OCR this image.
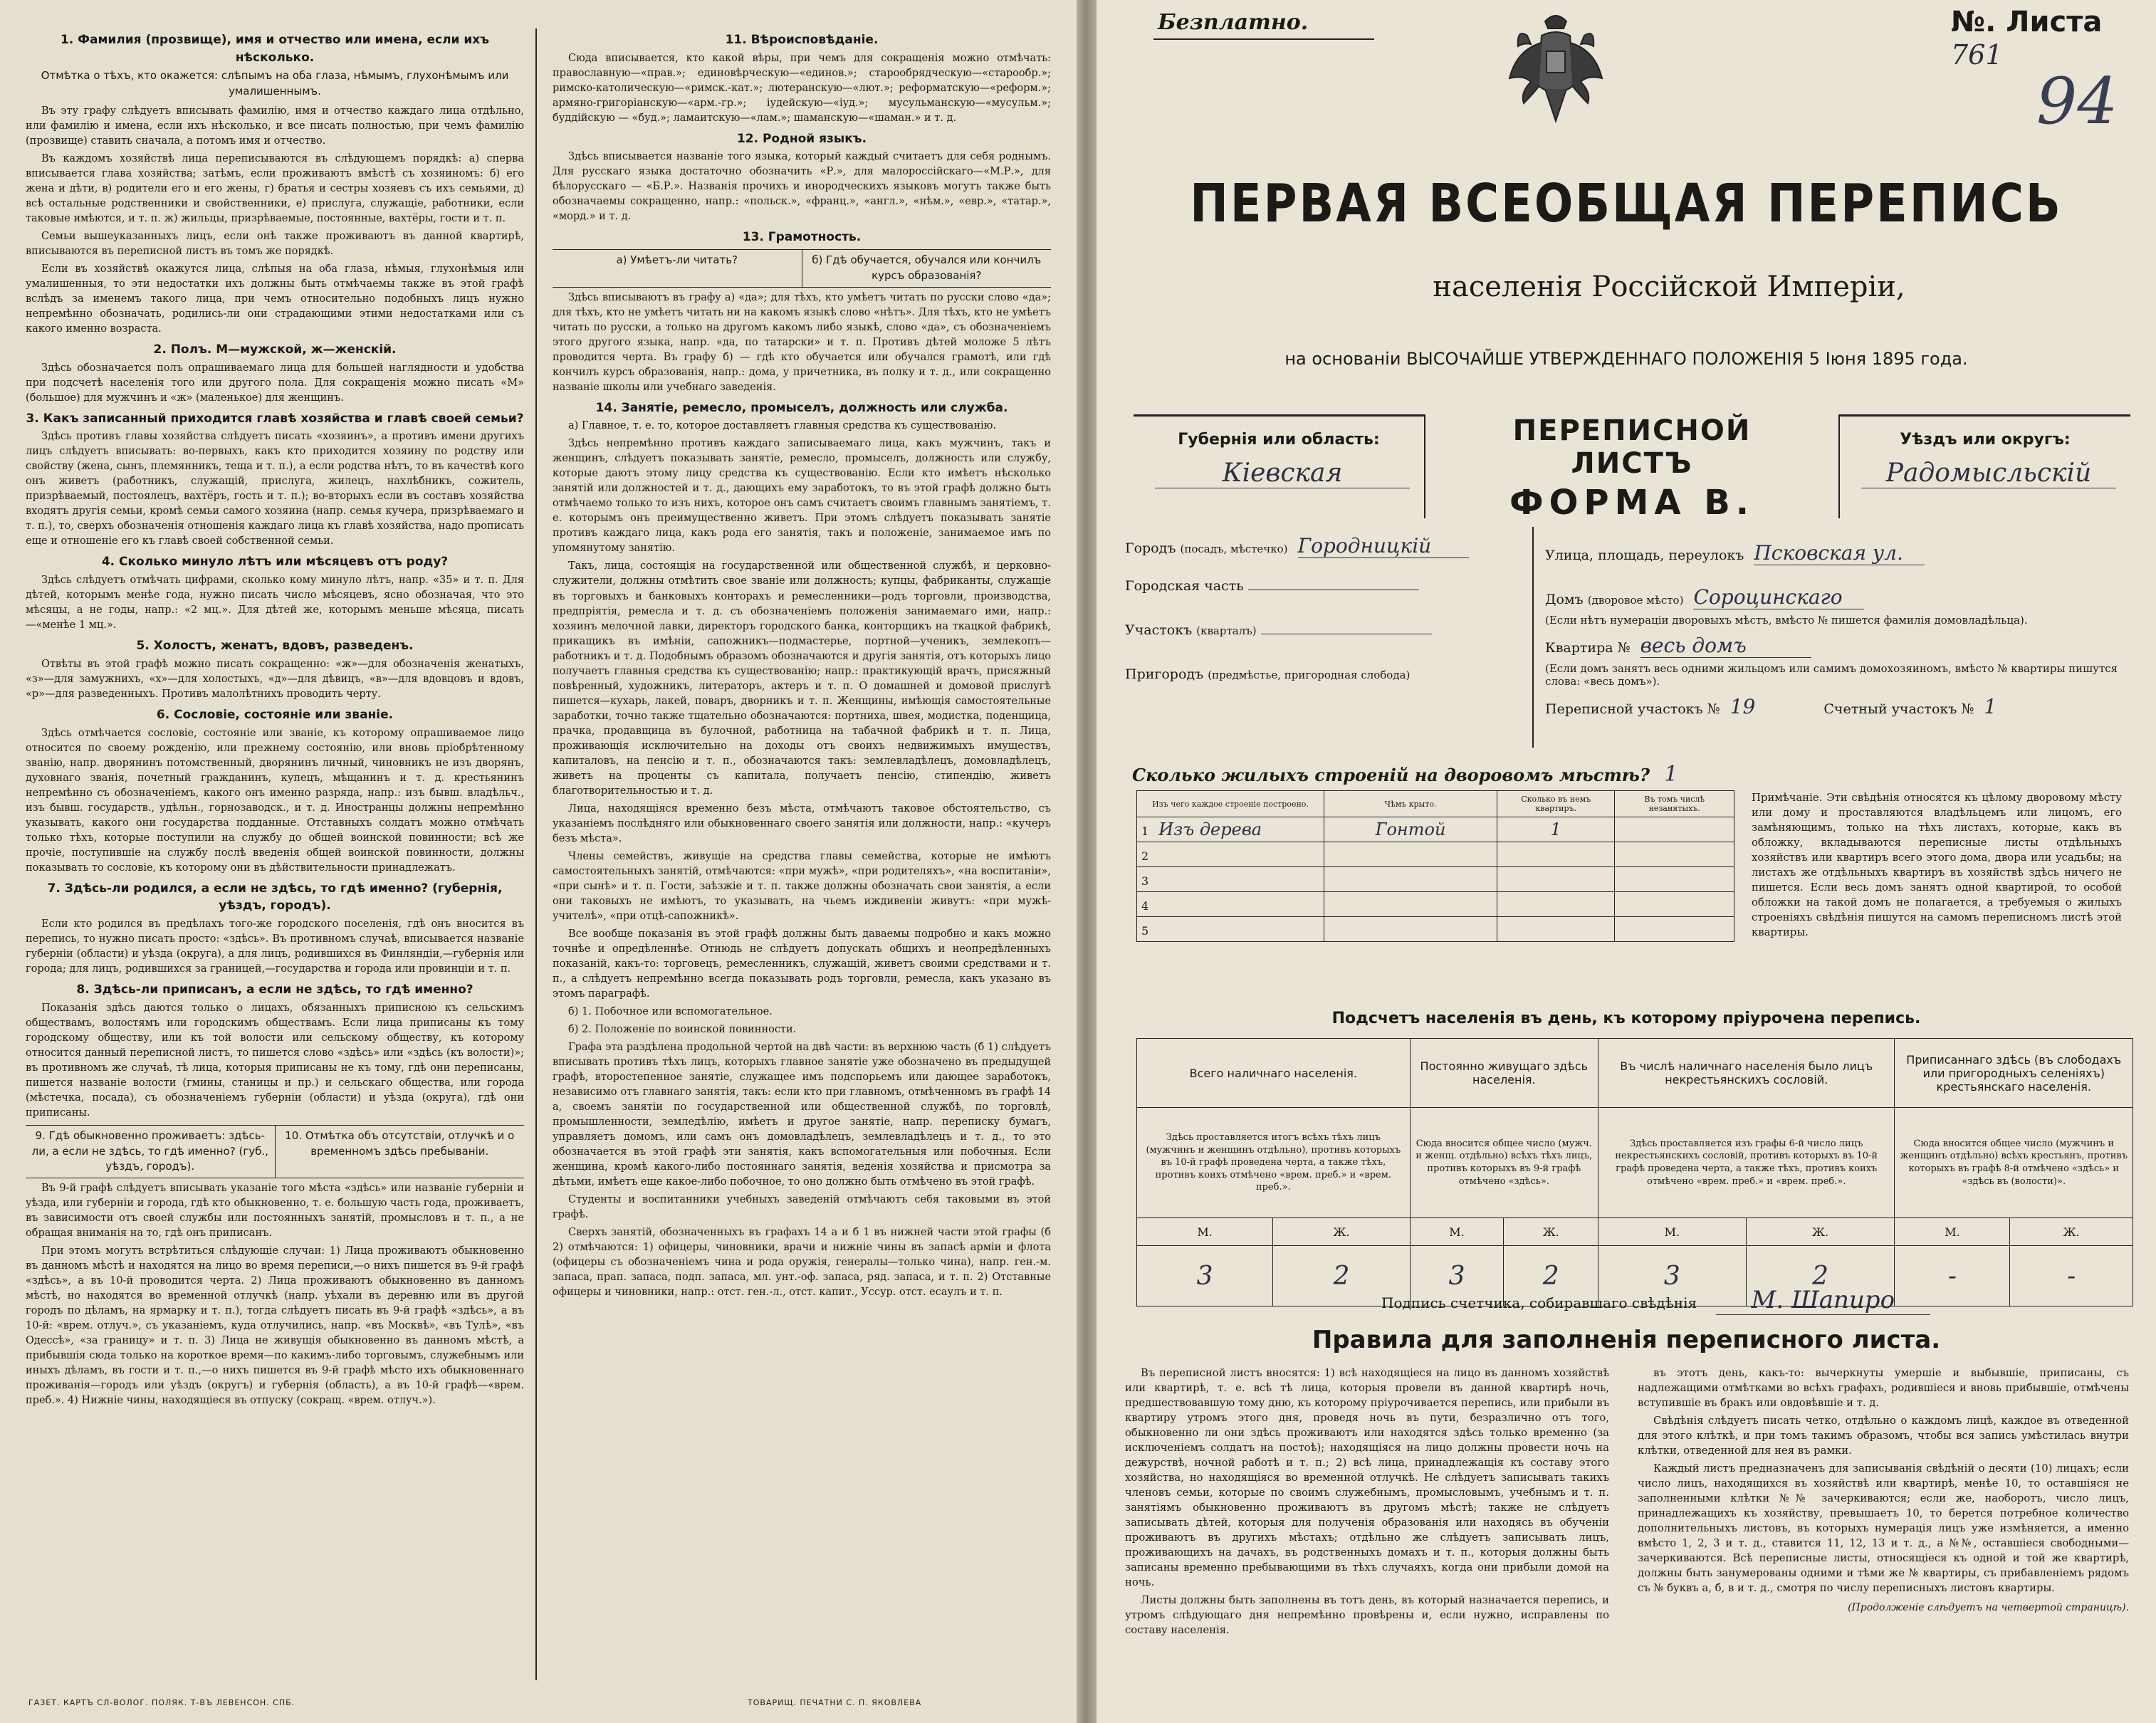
1. Фамилия (прозвище), имя и отчество или имена, если ихъ нѣсколько.
Отмѣтка о тѣхъ, кто окажется: слѣпымъ на оба глаза, нѣмымъ, глухонѣмымъ или умалишеннымъ.

Въ эту графу слѣдуетъ вписывать фамилію, имя и отчество каждаго лица отдѣльно, или фамилію и имена, если ихъ нѣсколько, и все писать полностью, при чемъ фамилію (прозвище) ставить сначала, а потомъ имя и отчество.

Въ каждомъ хозяйствѣ лица переписываются въ слѣдующемъ порядкѣ: а) сперва вписывается глава хозяйства; затѣмъ, если проживаютъ вмѣстѣ съ хозяиномъ: б) его жена и дѣти, в) родители его и его жены, г) братья и сестры хозяевъ съ ихъ семьями, д) всѣ остальные родственники и свойственники, е) прислуга, служащіе, работники, если таковые имѣются, и т. п. ж) жильцы, призрѣваемые, постоянные, вахтёры, гости и т. п.

Семьи вышеуказанныхъ лицъ, если онѣ также проживаютъ въ данной квартирѣ, вписываются въ переписной листъ въ томъ же порядкѣ.

Если въ хозяйствѣ окажутся лица, слѣпыя на оба глаза, нѣмыя, глухонѣмыя или умалишенныя, то эти недостатки ихъ должны быть отмѣчаемы также въ этой графѣ вслѣдъ за именемъ такого лица, при чемъ относительно подобныхъ лицъ нужно непремѣнно обозначать, родились-ли они страдающими этими недостатками или съ какого именно возраста.

2. Полъ. М—мужской, ж—женскій.

Здѣсь обозначается полъ опрашиваемаго лица для большей наглядности и удобства при подсчетѣ населенія того или другого пола. Для сокращенія можно писать «М» (большое) для мужчинъ и «ж» (маленькое) для женщинъ.

3. Какъ записанный приходится главѣ хозяйства и главѣ своей семьи?

Здѣсь противъ главы хозяйства слѣдуетъ писать «хозяинъ», а противъ имени другихъ лицъ слѣдуетъ вписывать: во-первыхъ, какъ кто приходится хозяину по родству или свойству (жена, сынъ, племянникъ, теща и т. п.), а если родства нѣтъ, то въ качествѣ кого онъ живетъ (работникъ, служащій, прислуга, жилецъ, нахлѣбникъ, сожитель, призрѣваемый, постоялецъ, вахтёръ, гость и т. п.); во-вторыхъ если въ составъ хозяйства входятъ другія семьи, кромѣ семьи самого хозяина (напр. семья кучера, призрѣваемаго и т. п.), то, сверхъ обозначенія отношенія каждаго лица къ главѣ хозяйства, надо прописать еще и отношеніе его къ главѣ своей собственной семьи.

4. Сколько минуло лѣтъ или мѣсяцевъ отъ роду?

Здѣсь слѣдуетъ отмѣчать цифрами, сколько кому минуло лѣтъ, напр. «35» и т. п. Для дѣтей, которымъ менѣе года, нужно писать число мѣсяцевъ, ясно обозначая, что это мѣсяцы, а не годы, напр.: «2 мц.». Для дѣтей же, которымъ меньше мѣсяца, писать—«менѣе 1 мц.».

5. Холостъ, женатъ, вдовъ, разведенъ.

Отвѣты въ этой графѣ можно писать сокращенно: «ж»—для обозначенія женатыхъ, «з»—для замужнихъ, «х»—для холостыхъ, «д»—для дѣвицъ, «в»—для вдовцовъ и вдовъ, «р»—для разведенныхъ. Противъ малолѣтнихъ проводить черту.

6. Сословіе, состояніе или званіе.

Здѣсь отмѣчается сословіе, состояніе или званіе, къ которому опрашиваемое лицо относится по своему рожденію, или прежнему состоянію, или вновь пріобрѣтенному званію, напр. дворянинъ потомственный, дворянинъ личный, чиновникъ не изъ дворянъ, духовнаго званія, почетный гражданинъ, купецъ, мѣщанинъ и т. д. крестьянинъ непремѣнно съ обозначеніемъ, какого онъ именно разряда, напр.: изъ бывш. владѣльч., изъ бывш. государств., удѣльн., горнозаводск., и т. д. Иностранцы должны непремѣнно указывать, какого они государства подданные. Отставныхъ солдатъ можно отмѣчать только тѣхъ, которые поступили на службу до общей воинской повинности; всѣ же прочіе, поступившіе на службу послѣ введенія общей воинской повинности, должны показывать то сословіе, къ которому они въ дѣйствительности принадлежатъ.

7. Здѣсь-ли родился, а если не здѣсь, то гдѣ именно? (губернія, уѣздъ, городъ).

Если кто родился въ предѣлахъ того-же городского поселенія, гдѣ онъ вносится въ перепись, то нужно писать просто: «здѣсь». Въ противномъ случаѣ, вписывается названіе губерніи (области) и уѣзда (округа), а для лицъ, родившихся въ Финляндіи,—губернія или города; для лицъ, родившихся за границей,—государства и города или провинціи и т. п.

8. Здѣсь-ли приписанъ, а если не здѣсь, то гдѣ именно?

Показанія здѣсь даются только о лицахъ, обязанныхъ приписною къ сельскимъ обществамъ, волостямъ или городскимъ обществамъ. Если лица приписаны къ тому городскому обществу, или къ той волости или сельскому обществу, къ которому относится данный переписной листъ, то пишется слово «здѣсь» или «здѣсь (къ волости)»; въ противномъ же случаѣ, тѣ лица, которыя приписаны не къ тому, гдѣ они переписаны, пишется названіе волости (гмины, станицы и пр.) и сельскаго общества, или города (мѣстечка, посада), съ обозначеніемъ губерніи (области) и уѣзда (округа), гдѣ они приписаны.

9. Гдѣ обыкновенно проживаетъ: здѣсь-ли, а если не здѣсь, то гдѣ именно? (губ., уѣздъ, городъ).
10. Отмѣтка объ отсутствіи, отлучкѣ и о временномъ здѣсь пребываніи.

Въ 9-й графѣ слѣдуетъ вписывать указаніе того мѣста «здѣсь» или названіе губерніи и уѣзда, или губерніи и города, гдѣ кто обыкновенно, т. е. большую часть года, проживаетъ, въ зависимости отъ своей службы или постоянныхъ занятій, промысловъ и т. п., а не обращая вниманія на то, гдѣ онъ приписанъ.

При этомъ могутъ встрѣтиться слѣдующіе случаи: 1) Лица проживаютъ обыкновенно въ данномъ мѣстѣ и находятся на лицо во время переписи,—о нихъ пишется въ 9-й графѣ «здѣсь», а въ 10-й проводится черта. 2) Лица проживаютъ обыкновенно въ данномъ мѣстѣ, но находятся во временной отлучкѣ (напр. уѣхали въ деревню или въ другой городъ по дѣламъ, на ярмарку и т. п.), тогда слѣдуетъ писать въ 9-й графѣ «здѣсь», а въ 10-й: «врем. отлуч.», съ указаніемъ, куда отлучились, напр. «въ Москвѣ», «въ Тулѣ», «въ Одессѣ», «за границу» и т. п. 3) Лица не живущія обыкновенно въ данномъ мѣстѣ, а прибывшія сюда только на короткое время—по какимъ-либо торговымъ, служебнымъ или иныхъ дѣламъ, въ гости и т. п.,—о нихъ пишется въ 9-й графѣ мѣсто ихъ обыкновеннаго проживанія—городъ или уѣздъ (округъ) и губернія (область), а въ 10-й графѣ—«врем. преб.». 4) Нижніе чины, находящіеся въ отпуску (сокращ. «врем. отлуч.»).

11. Вѣроисповѣданіе.

Сюда вписывается, кто какой вѣры, при чемъ для сокращенія можно отмѣчать: православную—«прав.»; единовѣрческую—«единов.»; старообрядческую—«старообр.»; римско-католическую—«римск.-кат.»; лютеранскую—«лют.»; реформатскую—«реформ.»; армяно-григоріанскую—«арм.-гр.»; іудейскую—«іуд.»; мусульманскую—«мусульм.»; буддійскую — «буд.»; ламаитскую—«лам.»; шаманскую—«шаман.» и т. д.

12. Родной языкъ.

Здѣсь вписывается названіе того языка, который каждый считаетъ для себя роднымъ. Для русскаго языка достаточно обозначить «Р.», для малороссійскаго—«М.Р.», для бѣлорусскаго — «Б.Р.». Названія прочихъ и инородческихъ языковъ могутъ также быть обозначаемы сокращенно, напр.: «польск.», «франц.», «англ.», «нѣм.», «евр.», «татар.», «морд.» и т. д.

13. Грамотность.
а) Умѣетъ-ли читать?	б) Гдѣ обучается, обучался или кончилъ курсъ образованія?

Здѣсь вписываютъ въ графу а) «да»; для тѣхъ, кто умѣетъ читать по русски слово «да»; для тѣхъ, кто не умѣетъ читать ни на какомъ языкѣ слово «нѣтъ». Для тѣхъ, кто не умѣетъ читать по русски, а только на другомъ какомъ либо языкѣ, слово «да», съ обозначеніемъ этого другого языка, напр. «да, по татарски» и т. п. Противъ дѣтей моложе 5 лѣтъ проводится черта. Въ графу б) — гдѣ кто обучается или обучался грамотѣ, или гдѣ кончилъ курсъ образованія, напр.: дома, у причетника, въ полку и т. д., или сокращенно названіе школы или учебнаго заведенія.

14. Занятіе, ремесло, промыселъ, должность или служба.

а) Главное, т. е. то, которое доставляетъ главныя средства къ существованію.

Здѣсь непремѣнно противъ каждаго записываемаго лица, какъ мужчинъ, такъ и женщинъ, слѣдуетъ показывать занятіе, ремесло, промыселъ, должность или службу, которые даютъ этому лицу средства къ существованію. Если кто имѣетъ нѣсколько занятій или должностей и т. д., дающихъ ему заработокъ, то въ этой графѣ должно быть отмѣчаемо только то изъ нихъ, которое онъ самъ считаетъ своимъ главнымъ занятіемъ, т. е. которымъ онъ преимущественно живетъ. При этомъ слѣдуетъ показывать занятіе противъ каждаго лица, какъ рода его занятія, такъ и положеніе, занимаемое имъ по упомянутому занятію.

Такъ, лица, состоящія на государственной или общественной службѣ, и церковно-служители, должны отмѣтить свое званіе или должность; купцы, фабриканты, служащіе въ торговыхъ и банковыхъ конторахъ и ремесленники—родъ торговли, производства, предпріятія, ремесла и т. д. съ обозначеніемъ положенія занимаемаго ими, напр.: хозяинъ мелочной лавки, директоръ городского банка, конторщикъ на ткацкой фабрикѣ, прикащикъ въ имѣніи, сапожникъ—подмастерье, портной—ученикъ, землекопъ—работникъ и т. д. Подобнымъ образомъ обозначаются и другія занятія, отъ которыхъ лицо получаетъ главныя средства къ существованію; напр.: практикующій врачъ, присяжный повѣренный, художникъ, литераторъ, актеръ и т. п. О домашней и домовой прислугѣ пишется—кухарь, лакей, поваръ, дворникъ и т. п. Женщины, имѣющія самостоятельные заработки, точно также тщательно обозначаются: портниха, швея, модистка, поденщица, прачка, продавщица въ булочной, работница на табачной фабрикѣ и т. п. Лица, проживающія исключительно на доходы отъ своихъ недвижимыхъ имуществъ, капиталовъ, на пенсію и т. п., обозначаются такъ: землевладѣлецъ, домовладѣлецъ, живетъ на проценты съ капитала, получаетъ пенсію, стипендію, живетъ благотворительностью и т. д.

Лица, находящіяся временно безъ мѣста, отмѣчаютъ таковое обстоятельство, съ указаніемъ послѣдняго или обыкновеннаго своего занятія или должности, напр.: «кучеръ безъ мѣста».

Члены семействъ, живущіе на средства главы семейства, которые не имѣютъ самостоятельныхъ занятій, отмѣчаются: «при мужѣ», «при родителяхъ», «на воспитаніи», «при сынѣ» и т. п. Гости, заѣзжіе и т. п. также должны обозначать свои занятія, а если они таковыхъ не имѣютъ, то указывать, на чьемъ иждивеніи живутъ: «при мужѣ-учителѣ», «при отцѣ-сапожникѣ».

Все вообще показанія въ этой графѣ должны быть даваемы подробно и какъ можно точнѣе и опредѣленнѣе. Отнюдь не слѣдуетъ допускать общихъ и неопредѣленныхъ показаній, какъ-то: торговецъ, ремесленникъ, служащій, живетъ своими средствами и т. п., а слѣдуетъ непремѣнно всегда показывать родъ торговли, ремесла, какъ указано въ этомъ параграфѣ.

б) 1. Побочное или вспомогательное.

б) 2. Положеніе по воинской повинности.

Графа эта раздѣлена продольной чертой на двѣ части: въ верхнюю часть (б 1) слѣдуетъ вписывать противъ тѣхъ лицъ, которыхъ главное занятіе уже обозначено въ предыдущей графѣ, второстепенное занятіе, служащее имъ подспорьемъ или дающее заработокъ, независимо отъ главнаго занятія, такъ: если кто при главномъ, отмѣченномъ въ графѣ 14 а, своемъ занятіи по государственной или общественной службѣ, по торговлѣ, промышленности, земледѣлію, имѣетъ и другое занятіе, напр. переписку бумагъ, управляетъ домомъ, или самъ онъ домовладѣлецъ, землевладѣлецъ и т. д., то это обозначается въ этой графѣ эти занятія, какъ вспомогательныя или побочныя. Если женщина, кромѣ какого-либо постояннаго занятія, веденія хозяйства и присмотра за дѣтьми, имѣетъ еще какое-либо побочное, то оно должно быть отмѣчено въ этой графѣ.

Студенты и воспитанники учебныхъ заведеній отмѣчаютъ себя таковыми въ этой графѣ.

Сверхъ занятій, обозначенныхъ въ графахъ 14 а и б 1 въ нижней части этой графы (б 2) отмѣчаются: 1) офицеры, чиновники, врачи и нижніе чины въ запасѣ армiи и флота (офицеры съ обозначеніемъ чина и рода оружія, генералы—только чина), напр. ген.-м. запаса, прап. запаса, подп. запаса, мл. унт.-оф. запаса, ряд. запаса, и т. п. 2) Отставные офицеры и чиновники, напр.: отст. ген.-л., отст. капит., Уссур. отст. есаулъ и т. п.

ГАЗЕТ. КАРТЪ СЛ-ВОЛОГ. ПОЛЯК. Т-ВЪ ЛЕВЕНСОН. СПБ.	ТОВАРИЩ. ПЕЧАТНИ С. П. ЯКОВЛЕВА
Безплатно.	№. Листа 761
94
ПЕРВАЯ ВСЕОБЩАЯ ПЕРЕПИСЬ
населенія Россійской Имперіи,
на основаніи ВЫСОЧАЙШЕ УТВЕРЖДЕННАГО ПОЛОЖЕНІЯ 5 Іюня 1895 года.
Губернія или область:
Кіевская
ПЕРЕПИСНОЙ ЛИСТЪ
ФОРМА В.
Уѣздъ или округъ:
Радомысльскій
Городъ (посадъ, мѣстечко) Городницкій
Городская часть
Участокъ (кварталъ)
Пригородъ (предмѣстье, пригородная слобода)
Улица, площадь, переулокъ Псковская ул.
Домъ (дворовое мѣсто) Сороцинскаго
(Если нѣтъ нумераціи дворовыхъ мѣстъ, вмѣсто № пишется фамилія домовладѣльца).
Квартира № весь домъ
(Если домъ занятъ весь одними жильцомъ или самимъ домохозяиномъ, вмѣсто № квартиры пишутся слова: «весь домъ»).
Переписной участокъ № 19	Счетный участокъ № 1
Сколько жилыхъ строеній на дворовомъ мѣстѣ? 1
Изъ чего каждое строеніе построено.	Чѣмъ крыто.	Сколько въ немъ квартиръ.	Въ томъ числѣ незанятыхъ.
1 Изъ дерева	Гонтой	1	
2			
3			
4			
5			
Примѣчаніе. Эти свѣдѣнія относятся къ цѣлому дворовому мѣсту или дому и проставляются владѣльцемъ или лицомъ, его замѣняющимъ, только на тѣхъ листахъ, которые, какъ въ обложку, вкладываются переписные листы отдѣльныхъ хозяйствъ или квартиръ всего этого дома, двора или усадьбы; на листахъ же отдѣльныхъ квартиръ въ хозяйствѣ здѣсь ничего не пишется. Если весь домъ занятъ одной квартирой, то особой обложки на такой домъ не полагается, а требуемыя о жилыхъ строеніяхъ свѣдѣнія пишутся на самомъ переписномъ листѣ этой квартиры.
Подсчетъ населенія въ день, къ которому пріурочена перепись.
Всего наличнаго населенія.		Постоянно живущаго здѣсь населенія.		Въ числѣ наличнаго населенія было лицъ некрестьянскихъ сословій.		Приписаннаго здѣсь (въ слободахъ или пригородныхъ селеніяхъ) крестьянскаго населенія.	
Здѣсь проставляется итогъ всѣхъ тѣхъ лицъ (мужчинъ и женщинъ отдѣльно), противъ которыхъ въ 10-й графѣ проведена черта, а также тѣхъ, противъ коихъ отмѣчено «врем. преб.» и «врем. преб.».		Сюда вносится общее число (мужч. и женщ. отдѣльно) всѣхъ тѣхъ лицъ, противъ которыхъ въ 9-й графѣ отмѣчено «здѣсь».		Здѣсь проставляется изъ графы 6-й число лицъ некрестьянскихъ сословій, противъ которыхъ въ 10-й графѣ проведена черта, а также тѣхъ, противъ коихъ отмѣчено «врем. преб.» и «врем. преб.».		Сюда вносится общее число (мужчинъ и женщинъ отдѣльно) всѣхъ крестьянъ, противъ которыхъ въ графѣ 8-й отмѣчено «здѣсь» и «здѣсь въ (волости)».	
М.	Ж.	М.	Ж.	М.	Ж.	М.	Ж.
3	2	3	2	3	2	-	-
Подпись счетчика, собиравшаго свѣдѣнія М. Шапиро
Правила для заполненія переписного листа.

Въ переписной листъ вносятся: 1) всѣ находящіеся на лицо въ данномъ хозяйствѣ или квартирѣ, т. е. всѣ тѣ лица, которыя провели въ данной квартирѣ ночь, предшествовавшую тому дню, къ которому пріурочивается перепись, или прибыли въ квартиру утромъ этого дня, проведя ночь въ пути, безразлично отъ того, обыкновенно ли они здѣсь проживаютъ или находятся здѣсь только временно (за исключеніемъ солдатъ на постоѣ); находящіяся на лицо должны провести ночь на дежурствѣ, ночной работѣ и т. п.; 2) всѣ лица, принадлежащія къ составу этого хозяйства, но находящіяся во временной отлучкѣ. Не слѣдуетъ записывать такихъ членовъ семьи, которые по своимъ служебнымъ, промысловымъ, учебнымъ и т. п. занятіямъ обыкновенно проживаютъ въ другомъ мѣстѣ; также не слѣдуетъ записывать дѣтей, которыя для полученія образованія или находясь въ обученіи проживаютъ въ другихъ мѣстахъ; отдѣльно же слѣдуетъ записывать лицъ, проживающихъ на дачахъ, въ родственныхъ домахъ и т. п., которыя должны быть записаны временно пребывающими въ тѣхъ случаяхъ, когда они прибыли домой на ночь.

Листы должны быть заполнены въ тотъ день, въ который назначается перепись, и утромъ слѣдующаго дня непремѣнно провѣрены и, если нужно, исправлены по составу населенія.

въ этотъ день, какъ-то: вычеркнуты умершіе и выбывшіе, приписаны, съ надлежащими отмѣтками во всѣхъ графахъ, родившіеся и вновь прибывшіе, отмѣчены вступившіе въ бракъ или овдовѣвшіе и т. д.

Свѣдѣнія слѣдуетъ писать четко, отдѣльно о каждомъ лицѣ, каждое въ отведенной для этого клѣткѣ, и при томъ такимъ образомъ, чтобы вся запись умѣстилась внутри клѣтки, отведенной для нея въ рамки.

Каждый листъ предназначенъ для записыванія свѣдѣній о десяти (10) лицахъ; если число лицъ, находящихся въ хозяйствѣ или квартирѣ, менѣе 10, то оставшіяся не заполненными клѣтки №№ зачеркиваются; если же, наоборотъ, число лицъ, принадлежащихъ къ хозяйству, превышаетъ 10, то берется потребное количество дополнительныхъ листовъ, въ которыхъ нумерація лицъ уже измѣняется, а именно вмѣсто 1, 2, 3 и т. д., ставится 11, 12, 13 и т. д., а №№, оставшіеся свободными—зачеркиваются. Всѣ переписные листы, относящіеся къ одной и той же квартирѣ, должны быть занумерованы одними и тѣми же № квартиры, съ прибавленіемъ рядомъ съ № буквъ а, б, в и т. д., смотря по числу переписныхъ листовъ квартиры.

(Продолженіе слѣдуетъ на четвертой страницѣ).
